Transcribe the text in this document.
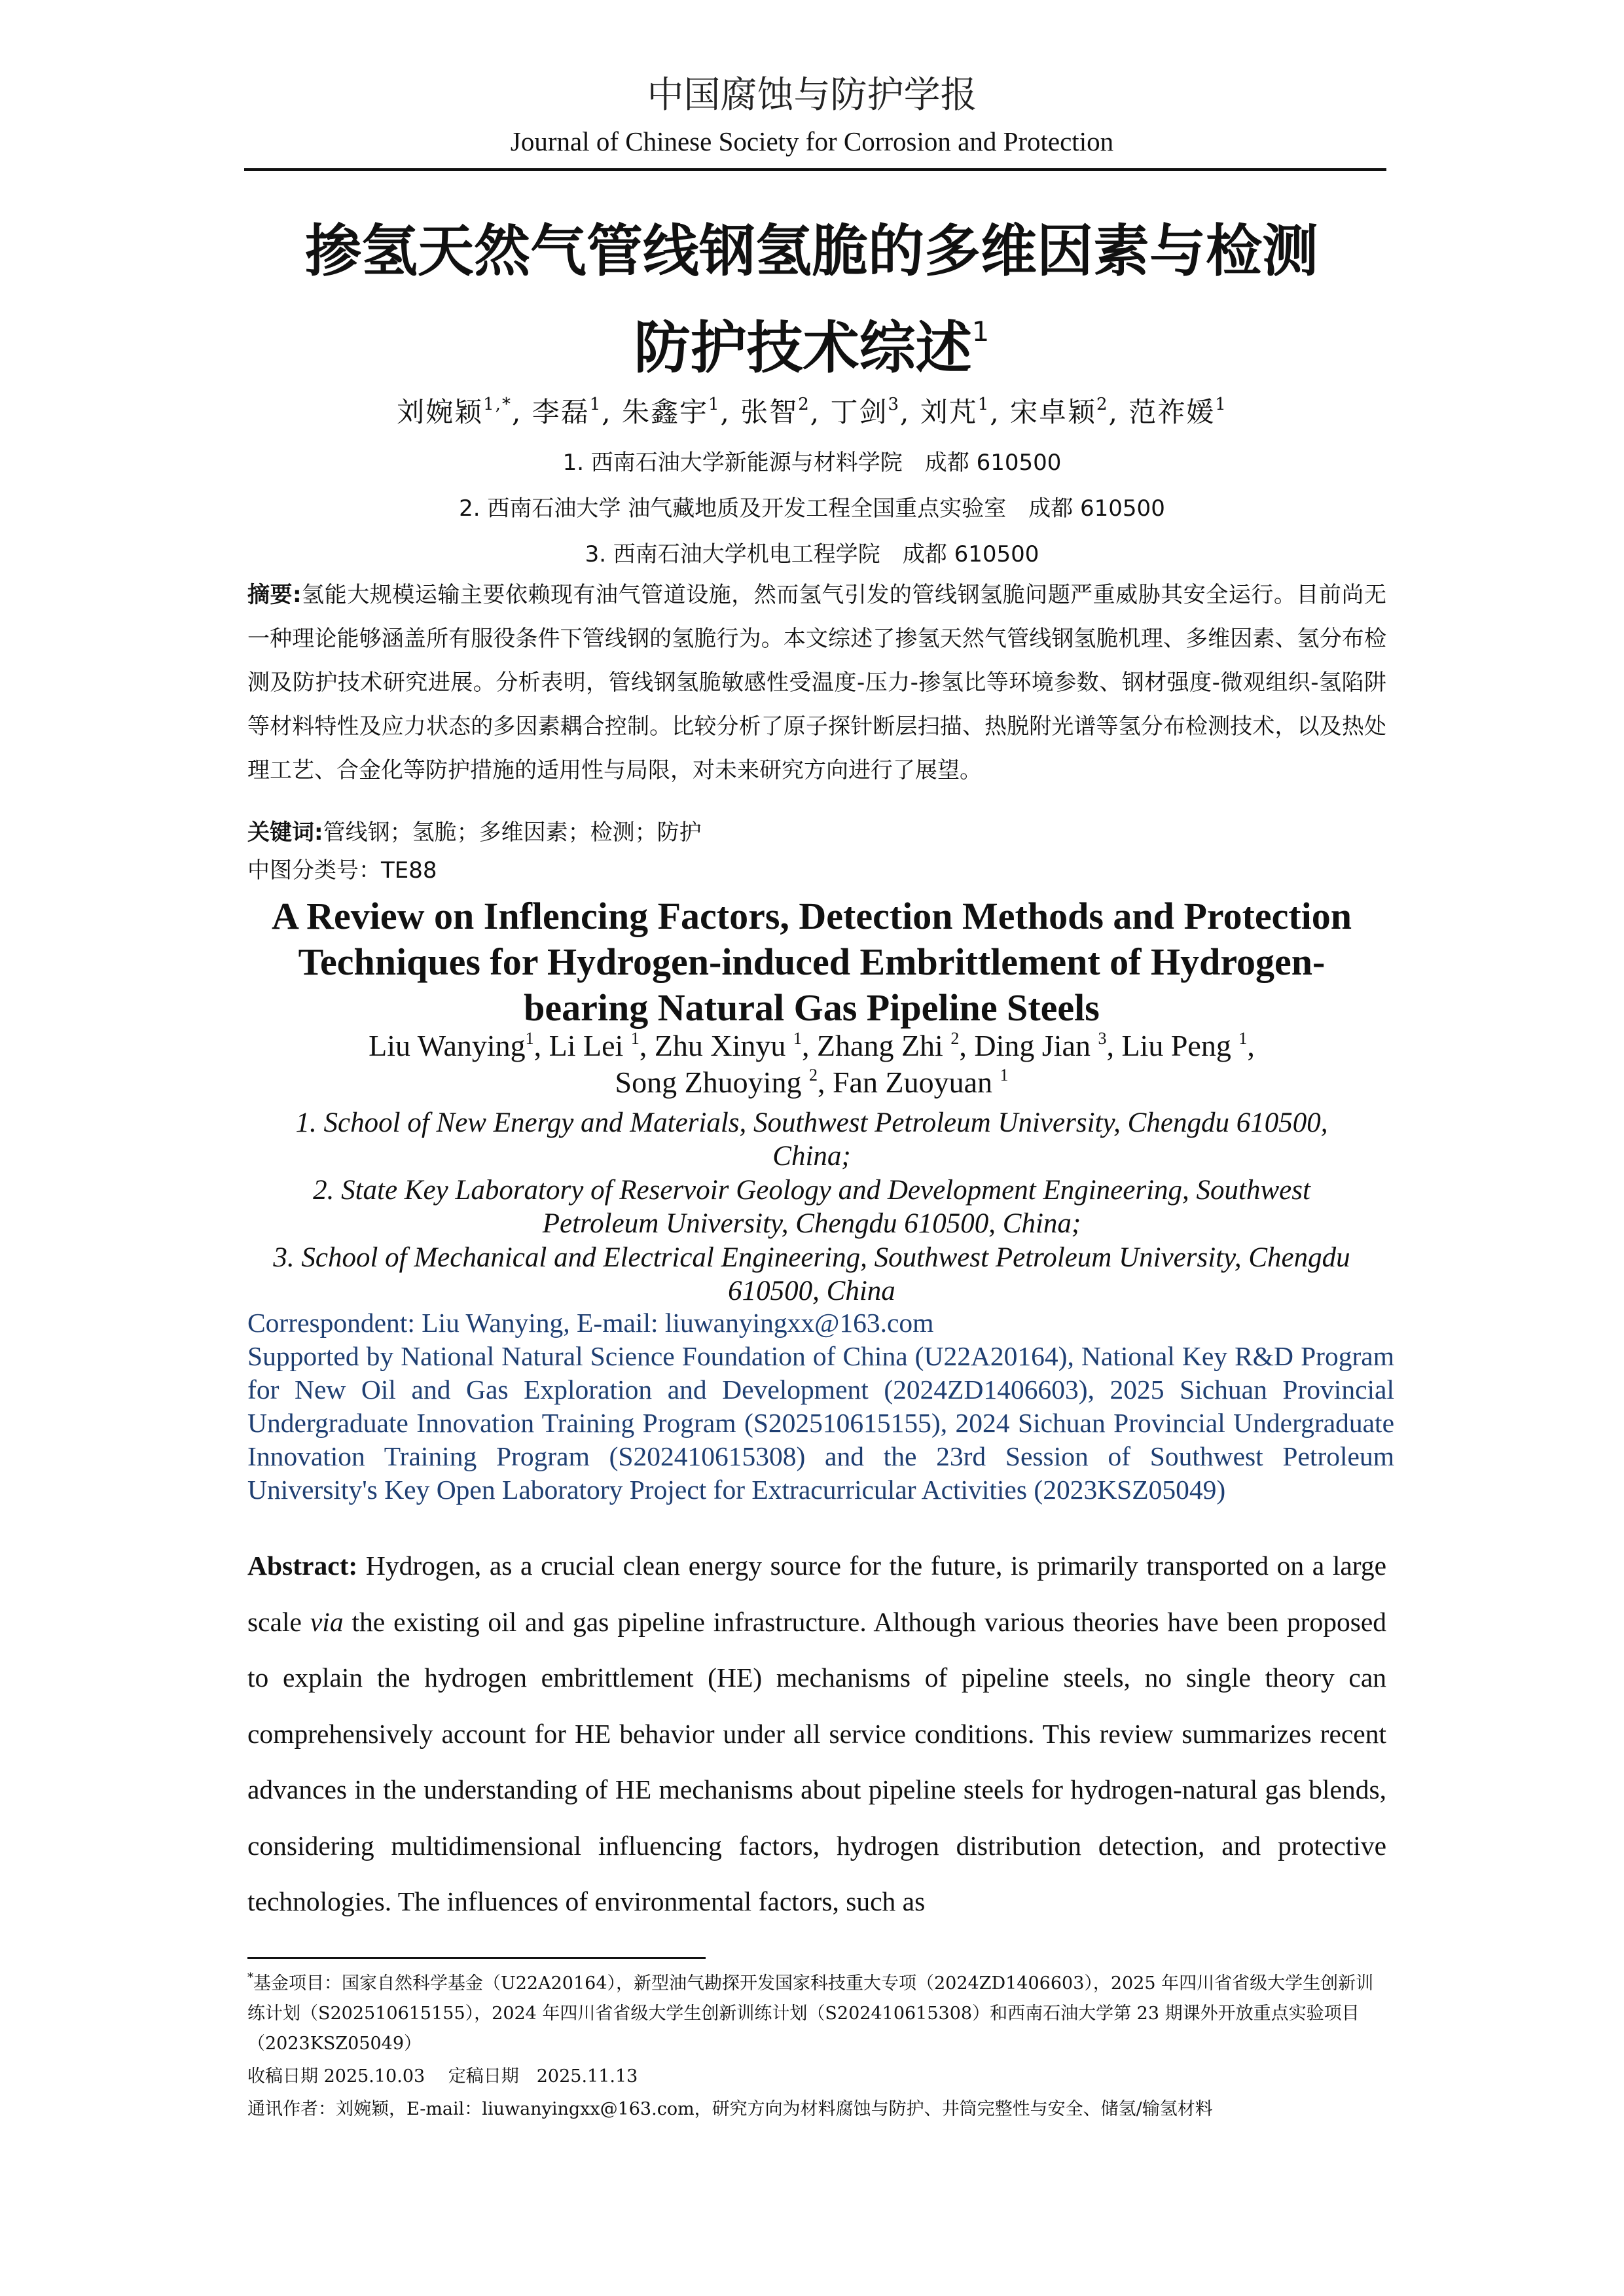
中国腐蚀与防护学报
Journal of Chinese Society for Corrosion and Protection
掺氢天然气管线钢氢脆的多维因素与检测
防护技术综述$^1$
刘婉颖$^{1,*}$, 李磊$^1$, 朱鑫宇$^1$, 张智$^2$, 丁剑$^3$, 刘芃$^1$, 宋卓颖$^2$, 范祚媛$^1$
1. 西南石油大学新能源与材料学院　成都 610500
2. 西南石油大学 油气藏地质及开发工程全国重点实验室　成都 610500
3. 西南石油大学机电工程学院　成都 610500
摘要:氢能大规模运输主要依赖现有油气管道设施，然而氢气引发的管线钢氢脆问题严重威胁其安全运行。目前尚无一种理论能够涵盖所有服役条件下管线钢的氢脆行为。本文综述了掺氢天然气管线钢氢脆机理、多维因素、氢分布检测及防护技术研究进展。分析表明，管线钢氢脆敏感性受温度-压力-掺氢比等环境参数、钢材强度-微观组织-氢陷阱等材料特性及应力状态的多因素耦合控制。比较分析了原子探针断层扫描、热脱附光谱等氢分布检测技术，以及热处理工艺、合金化等防护措施的适用性与局限，对未来研究方向进行了展望。
关键词:管线钢；氢脆；多维因素；检测；防护
中图分类号：TE88
A Review on Inflencing Factors, Detection Methods and Protection Techniques for Hydrogen-induced Embrittlement of Hydrogen-bearing Natural Gas Pipeline Steels
Liu Wanying$^1$, Li Lei $^1$, Zhu Xinyu $^1$, Zhang Zhi $^2$, Ding Jian $^3$, Liu Peng $^1$,
Song Zhuoying $^2$, Fan Zuoyuan $^1$
1. School of New Energy and Materials, Southwest Petroleum University, Chengdu 610500, China;
2. State Key Laboratory of Reservoir Geology and Development Engineering, Southwest Petroleum University, Chengdu 610500, China;
3. School of Mechanical and Electrical Engineering, Southwest Petroleum University, Chengdu 610500, China
Correspondent: Liu Wanying, E-mail: liuwanyingxx@163.com
Supported by National Natural Science Foundation of China (U22A20164), National Key R&D Program for New Oil and Gas Exploration and Development (2024ZD1406603), 2025 Sichuan Provincial Undergraduate Innovation Training Program (S202510615155), 2024 Sichuan Provincial Undergraduate Innovation Training Program (S202410615308) and the 23rd Session of Southwest Petroleum University's Key Open Laboratory Project for Extracurricular Activities (2023KSZ05049)
Abstract: Hydrogen, as a crucial clean energy source for the future, is primarily transported on a large scale via the existing oil and gas pipeline infrastructure. Although various theories have been proposed to explain the hydrogen embrittlement (HE) mechanisms of pipeline steels, no single theory can comprehensively account for HE behavior under all service conditions. This review summarizes recent advances in the understanding of HE mechanisms about pipeline steels for hydrogen-natural gas blends, considering multidimensional influencing factors, hydrogen distribution detection, and protective technologies. The influences of environmental factors, such as
*基金项目：国家自然科学基金（U22A20164），新型油气勘探开发国家科技重大专项（2024ZD1406603），2025 年四川省省级大学生创新训练计划（S202510615155），2024 年四川省省级大学生创新训练计划（S202410615308）和西南石油大学第 23 期课外开放重点实验项目（2023KSZ05049）
收稿日期 2025.10.03　 定稿日期　2025.11.13
通讯作者：刘婉颖，E-mail：liuwanyingxx@163.com，研究方向为材料腐蚀与防护、井筒完整性与安全、储氢/输氢材料
